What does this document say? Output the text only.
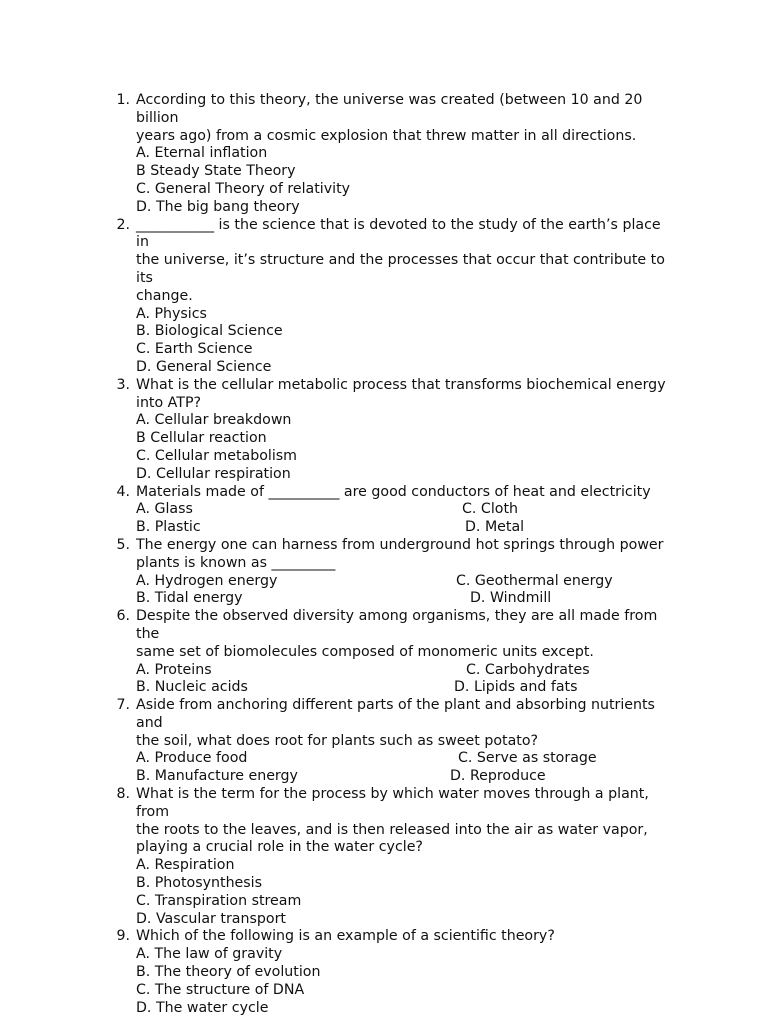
1. According to this theory, the universe was created (between 10 and 20 billion
years ago) from a cosmic explosion that threw matter in all directions.
A. Eternal inflation
B Steady State Theory
C. General Theory of relativity
D. The big bang theory
2. ___________ is the science that is devoted to the study of the earth’s place in
the universe, it’s structure and the processes that occur that contribute to its
change.
A. Physics
B. Biological Science
C. Earth Science
D. General Science
3. What is the cellular metabolic process that transforms biochemical energy
into ATP?
A. Cellular breakdown
B Cellular reaction
C. Cellular metabolism
D. Cellular respiration
4. Materials made of __________ are good conductors of heat and electricity
A. Glass	C. Cloth
B. Plastic	D. Metal
5. The energy one can harness from underground hot springs through power
plants is known as _________
A. Hydrogen energy	C. Geothermal energy
B. Tidal energy	D. Windmill
6. Despite the observed diversity among organisms, they are all made from the
same set of biomolecules composed of monomeric units except.
A. Proteins	C. Carbohydrates
B. Nucleic acids	D. Lipids and fats
7. Aside from anchoring different parts of the plant and absorbing nutrients and
the soil, what does root for plants such as sweet potato?
A. Produce food	C. Serve as storage
B. Manufacture energy	D. Reproduce
8. What is the term for the process by which water moves through a plant, from
the roots to the leaves, and is then released into the air as water vapor,
playing a crucial role in the water cycle?
A. Respiration
B. Photosynthesis
C. Transpiration stream
D. Vascular transport
9. Which of the following is an example of a scientific theory?
A. The law of gravity
B. The theory of evolution
C. The structure of DNA
D. The water cycle
